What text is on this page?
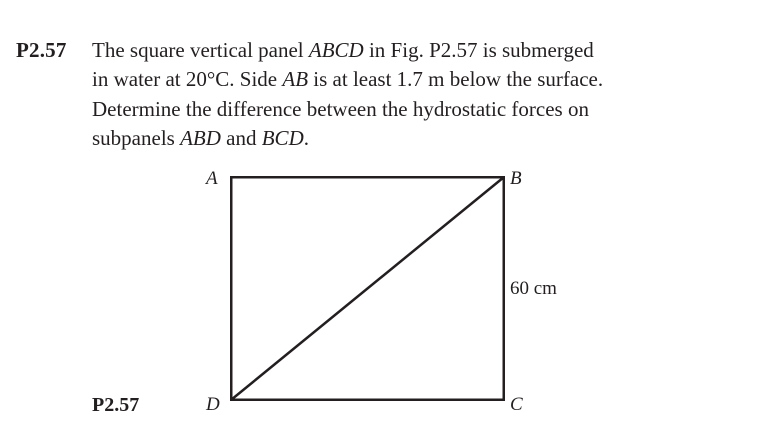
P2.57 The square vertical panel ABCD in Fig. P2.57 is submerged
in water at 20°C. Side AB is at least 1.7 m below the surface.
Determine the difference between the hydrostatic forces on
subpanels ABD and BCD.
A	B
C
D
60 cm
P2.57
